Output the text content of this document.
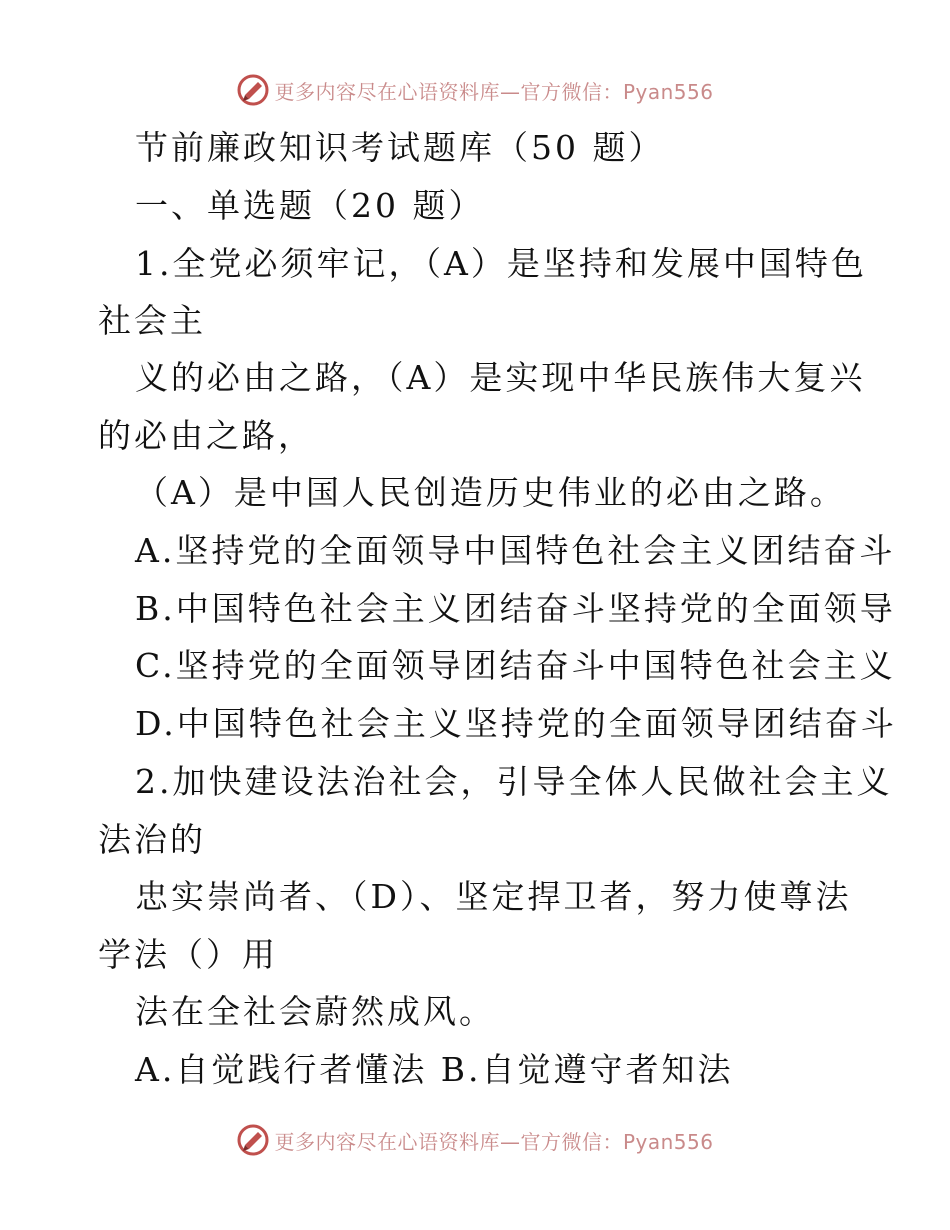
更多内容尽在心语资料库—官方微信：Pyan556
节前廉政知识考试题库（50 题）
一、单选题（20 题）
1.全党必须牢记，（A）是坚持和发展中国特色
社会主
义的必由之路，（A）是实现中华民族伟大复兴
的必由之路，
（A）是中国人民创造历史伟业的必由之路。
A.坚持党的全面领导中国特色社会主义团结奋斗
B.中国特色社会主义团结奋斗坚持党的全面领导
C.坚持党的全面领导团结奋斗中国特色社会主义
D.中国特色社会主义坚持党的全面领导团结奋斗
2.加快建设法治社会，引导全体人民做社会主义
法治的
忠实崇尚者、（D）、坚定捍卫者，努力使尊法
学法（）用
法在全社会蔚然成风。
A.自觉践行者懂法 B.自觉遵守者知法
更多内容尽在心语资料库—官方微信：Pyan556
